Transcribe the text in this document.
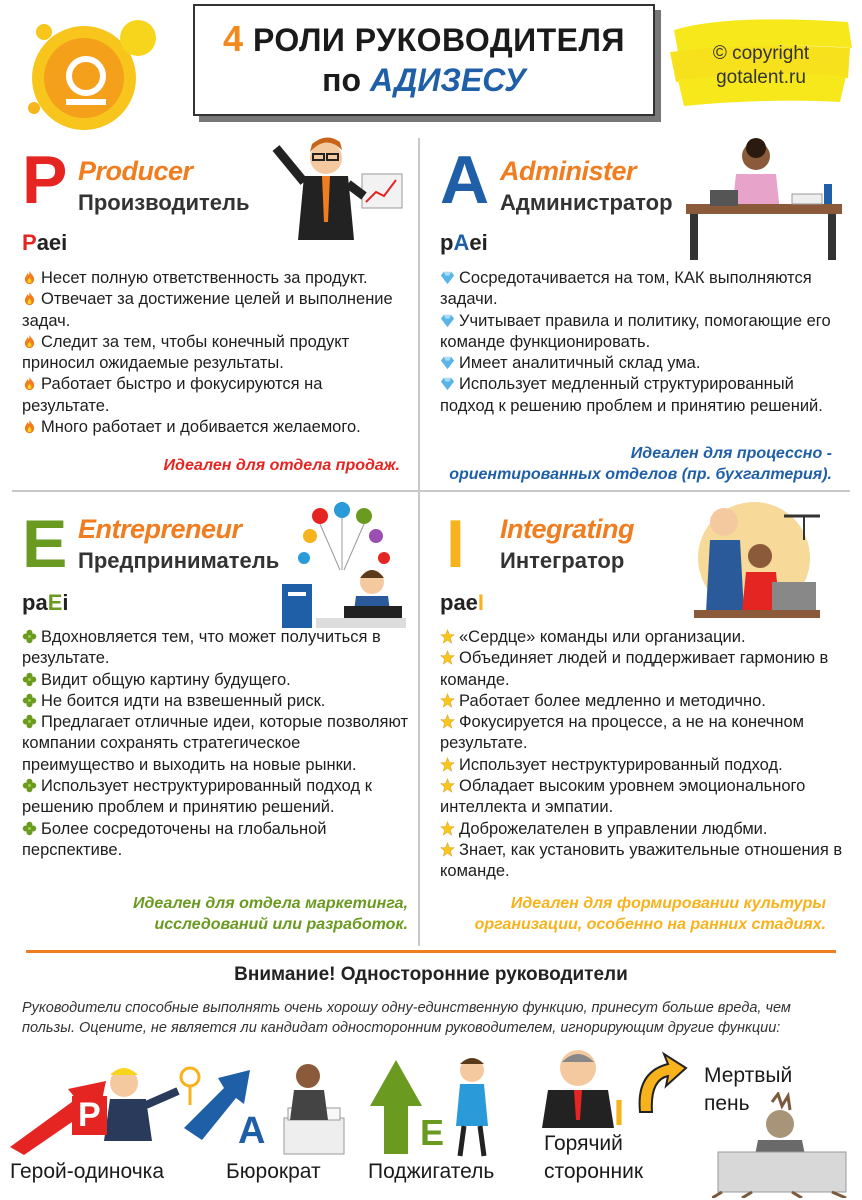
4 РОЛИ РУКОВОДИТЕЛЯ
по АДИЗЕСУ
© copyright
gotalent.ru
P Producer
Производитель
Paei
Несет полную ответственность за продукт.
Отвечает за достижение целей и выполнение задач.
Следит за тем, чтобы конечный продукт приносил ожидаемые результаты.
Работает быстро и фокусируются на результате.
Много работает и добивается желаемого.
Идеален для отдела продаж.
A Administer
Администратор
pAei
Сосредотачивается на том, КАК выполняются задачи.
Учитывает правила и политику, помогающие его команде функционировать.
Имеет аналитичный склад ума.
Использует медленный структурированный подход к решению проблем и принятию решений.
Идеален для процессно -
ориентированных отделов (пр. бухгалтерия).
E Entrepreneur
Предприниматель
paEi
Вдохновляется тем, что может получиться в результате.
Видит общую картину будущего.
Не боится идти на взвешенный риск.
Предлагает отличные идеи, которые позволяют компании сохранять стратегическое преимущество и выходить на новые рынки.
Использует неструктурированный подход к решению проблем и принятию решений.
Более сосредоточены на глобальной перспективе.
Идеален для отдела маркетинга,
исследований или разработок.
I Integrating
Интегратор
paeI
«Сердце» команды или организации.
Объединяет людей и поддерживает гармонию в команде.
Работает более медленно и методично.
Фокусируется на процессе, а не на конечном результате.
Использует неструктурированный подход.
Обладает высоким уровнем эмоционального интеллекта и эмпатии.
Доброжелателен в управлении людбми.
Знает, как установить уважительные отношения в команде.
Идеален для формировании культуры
организации, особенно на ранних стадиях.
Внимание! Односторонние руководители
Руководители способные выполнять очень хорошу одну-единственную функцию, принесут больше вреда, чем пользы. Оцените, не является ли кандидат односторонним руководителем, игнорирующим другие функции:
P
Герой-одиночка
A
Бюрократ
E
Поджигатель
I
Горячий
сторонник
Мертвый
пень
